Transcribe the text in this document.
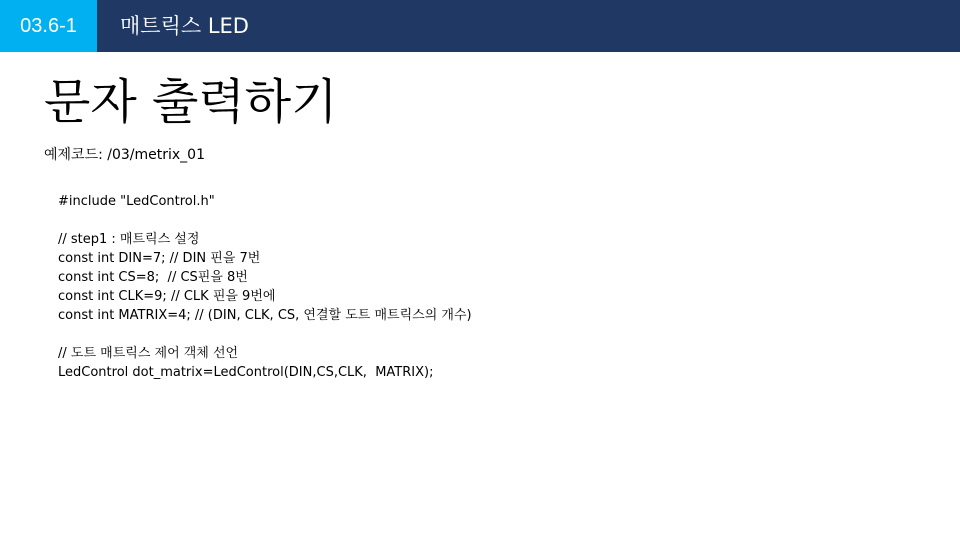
03.6-1	매트릭스 LED
문자 출력하기
예제코드: /03/metrix_01
#include "LedControl.h"
// step1 : 매트릭스 설정
const int DIN=7; // DIN 핀을 7번
const int CS=8;  // CS핀을 8번
const int CLK=9; // CLK 핀을 9번에
const int MATRIX=4; // (DIN, CLK, CS, 연결할 도트 매트릭스의 개수)
// 도트 매트릭스 제어 객체 선언
LedControl dot_matrix=LedControl(DIN,CS,CLK,  MATRIX);
